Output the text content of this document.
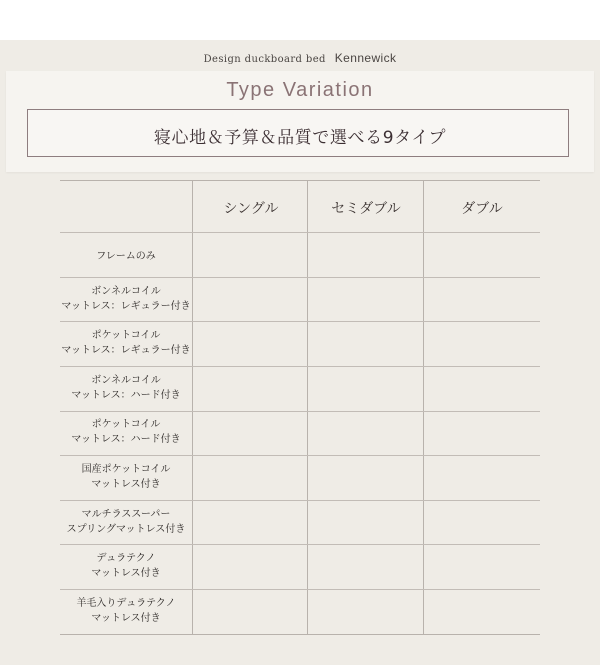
Design duckboard bed Kennewick
Type Variation
寝心地＆予算＆品質で選べる9タイプ
シングル	セミダブル	ダブル
フレームのみ
ボンネルコイル
マットレス：レギュラー付き
ポケットコイル
マットレス：レギュラー付き
ボンネルコイル
マットレス：ハード付き
ポケットコイル
マットレス：ハード付き
国産ポケットコイル
マットレス付き
マルチラススーパー
スプリングマットレス付き
デュラテクノ
マットレス付き
羊毛入りデュラテクノ
マットレス付き
